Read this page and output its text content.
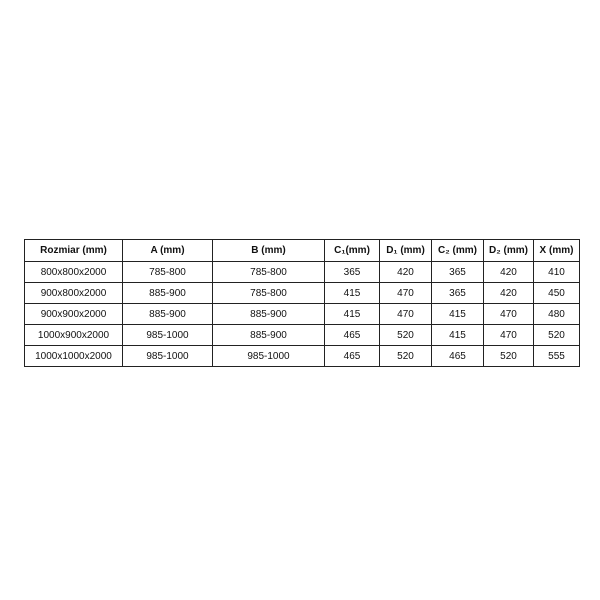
Rozmiar (mm)	A (mm)	B (mm)	C₁(mm)	D₁ (mm)	C₂ (mm)	D₂ (mm)	X (mm)
800x800x2000	785-800	785-800	365	420	365	420	410
900x800x2000	885-900	785-800	415	470	365	420	450
900x900x2000	885-900	885-900	415	470	415	470	480
1000x900x2000	985-1000	885-900	465	520	415	470	520
1000x1000x2000	985-1000	985-1000	465	520	465	520	555
